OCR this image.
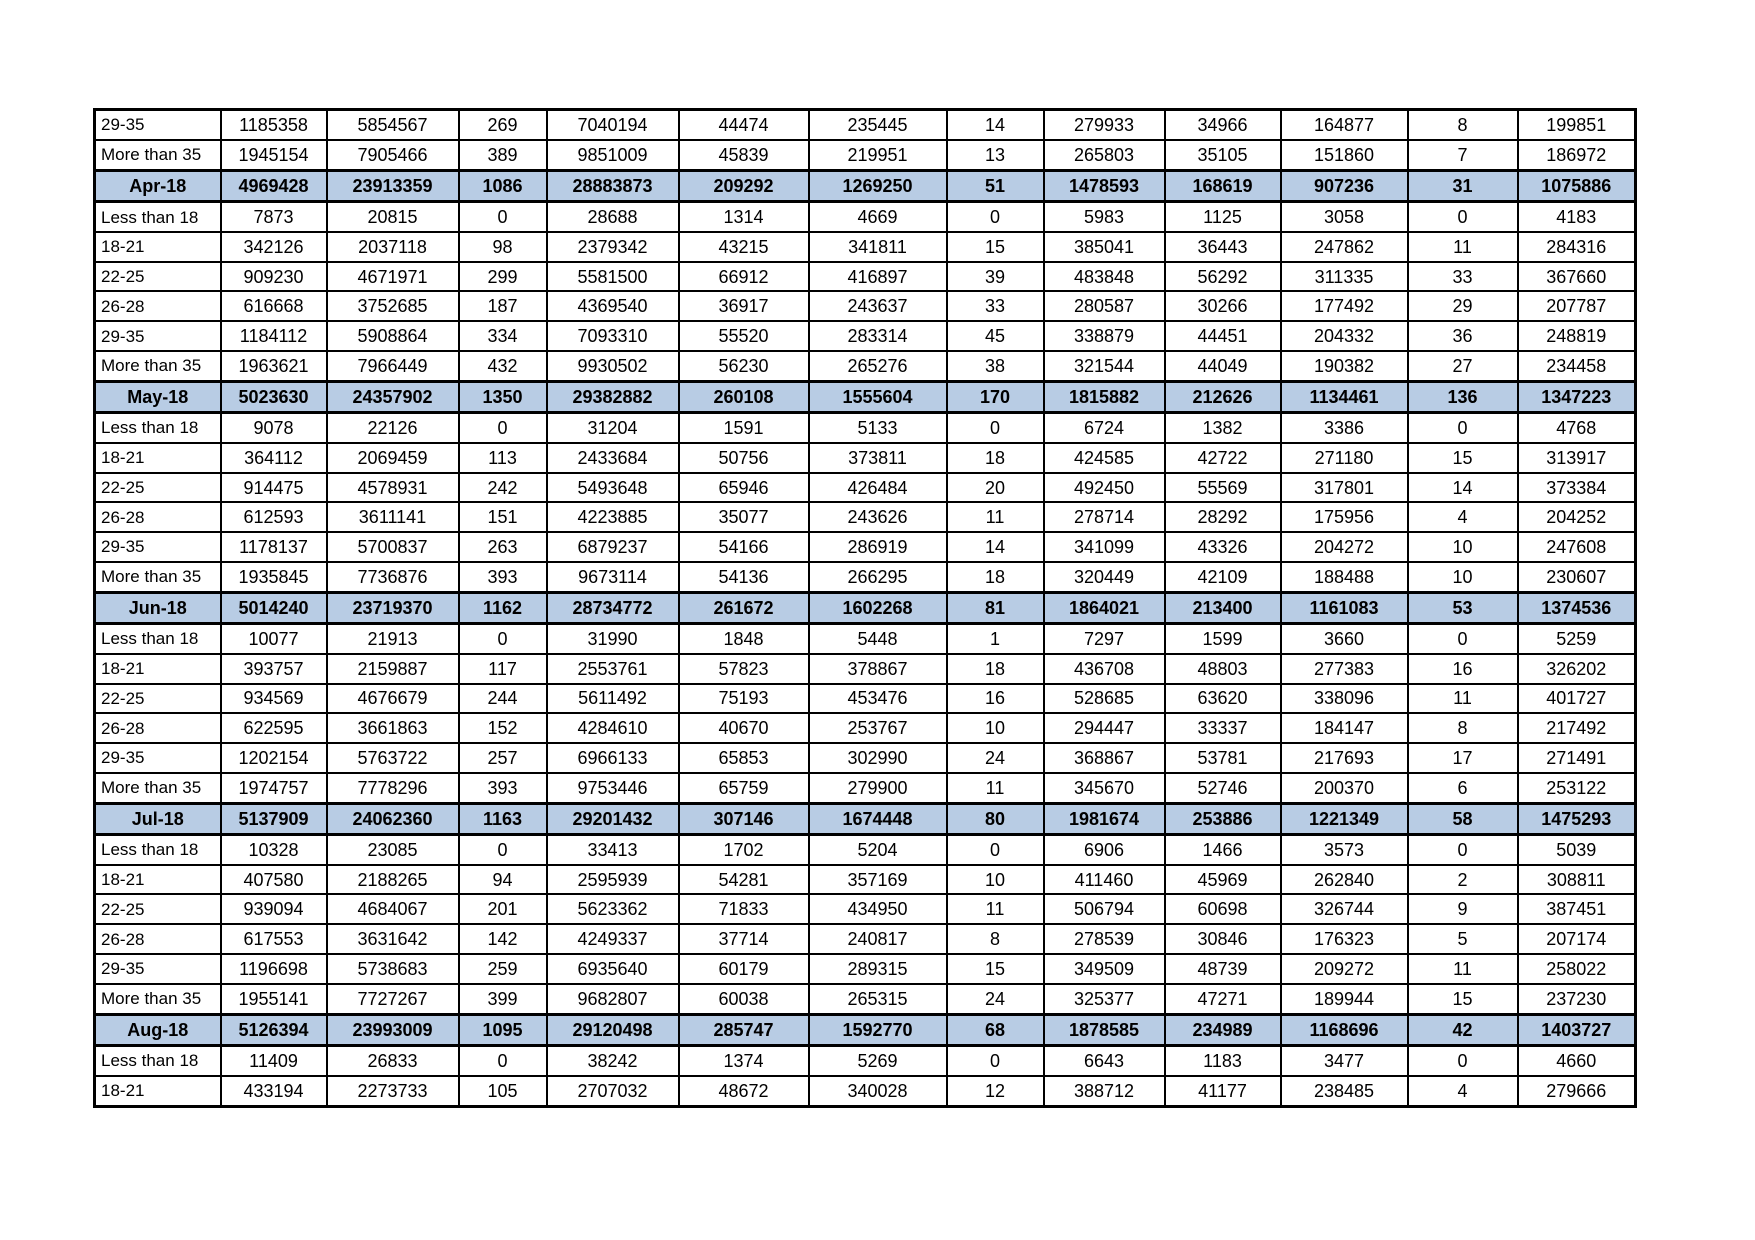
29-35	1185358	5854567	269	7040194	44474	235445	14	279933	34966	164877	8	199851
More than 35	1945154	7905466	389	9851009	45839	219951	13	265803	35105	151860	7	186972
Apr-18	4969428	23913359	1086	28883873	209292	1269250	51	1478593	168619	907236	31	1075886
Less than 18	7873	20815	0	28688	1314	4669	0	5983	1125	3058	0	4183
18-21	342126	2037118	98	2379342	43215	341811	15	385041	36443	247862	11	284316
22-25	909230	4671971	299	5581500	66912	416897	39	483848	56292	311335	33	367660
26-28	616668	3752685	187	4369540	36917	243637	33	280587	30266	177492	29	207787
29-35	1184112	5908864	334	7093310	55520	283314	45	338879	44451	204332	36	248819
More than 35	1963621	7966449	432	9930502	56230	265276	38	321544	44049	190382	27	234458
May-18	5023630	24357902	1350	29382882	260108	1555604	170	1815882	212626	1134461	136	1347223
Less than 18	9078	22126	0	31204	1591	5133	0	6724	1382	3386	0	4768
18-21	364112	2069459	113	2433684	50756	373811	18	424585	42722	271180	15	313917
22-25	914475	4578931	242	5493648	65946	426484	20	492450	55569	317801	14	373384
26-28	612593	3611141	151	4223885	35077	243626	11	278714	28292	175956	4	204252
29-35	1178137	5700837	263	6879237	54166	286919	14	341099	43326	204272	10	247608
More than 35	1935845	7736876	393	9673114	54136	266295	18	320449	42109	188488	10	230607
Jun-18	5014240	23719370	1162	28734772	261672	1602268	81	1864021	213400	1161083	53	1374536
Less than 18	10077	21913	0	31990	1848	5448	1	7297	1599	3660	0	5259
18-21	393757	2159887	117	2553761	57823	378867	18	436708	48803	277383	16	326202
22-25	934569	4676679	244	5611492	75193	453476	16	528685	63620	338096	11	401727
26-28	622595	3661863	152	4284610	40670	253767	10	294447	33337	184147	8	217492
29-35	1202154	5763722	257	6966133	65853	302990	24	368867	53781	217693	17	271491
More than 35	1974757	7778296	393	9753446	65759	279900	11	345670	52746	200370	6	253122
Jul-18	5137909	24062360	1163	29201432	307146	1674448	80	1981674	253886	1221349	58	1475293
Less than 18	10328	23085	0	33413	1702	5204	0	6906	1466	3573	0	5039
18-21	407580	2188265	94	2595939	54281	357169	10	411460	45969	262840	2	308811
22-25	939094	4684067	201	5623362	71833	434950	11	506794	60698	326744	9	387451
26-28	617553	3631642	142	4249337	37714	240817	8	278539	30846	176323	5	207174
29-35	1196698	5738683	259	6935640	60179	289315	15	349509	48739	209272	11	258022
More than 35	1955141	7727267	399	9682807	60038	265315	24	325377	47271	189944	15	237230
Aug-18	5126394	23993009	1095	29120498	285747	1592770	68	1878585	234989	1168696	42	1403727
Less than 18	11409	26833	0	38242	1374	5269	0	6643	1183	3477	0	4660
18-21	433194	2273733	105	2707032	48672	340028	12	388712	41177	238485	4	279666
